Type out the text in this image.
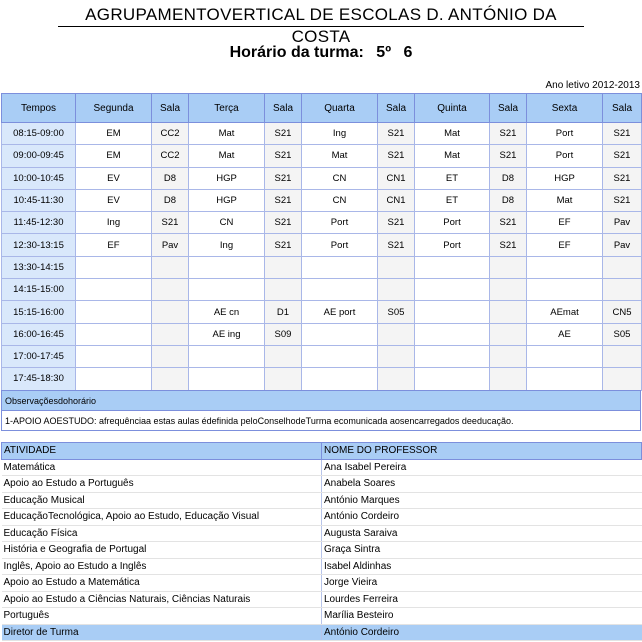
AGRUPAMENTOVERTICAL DE ESCOLAS D. ANTÓNIO DA COSTA
Horário da turma: 5º 6
Ano letivo 2012-2013
Tempos	Segunda	Sala	Terça	Sala	Quarta	Sala	Quinta	Sala	Sexta	Sala
08:15-09:00	EM	CC2	Mat	S21	Ing	S21	Mat	S21	Port	S21
09:00-09:45	EM	CC2	Mat	S21	Mat	S21	Mat	S21	Port	S21
10:00-10:45	EV	D8	HGP	S21	CN	CN1	ET	D8	HGP	S21
10:45-11:30	EV	D8	HGP	S21	CN	CN1	ET	D8	Mat	S21
11:45-12:30	Ing	S21	CN	S21	Port	S21	Port	S21	EF	Pav
12:30-13:15	EF	Pav	Ing	S21	Port	S21	Port	S21	EF	Pav
13:30-14:15										
14:15-15:00										
15:15-16:00			AE cn	D1	AE port	S05			AEmat	CN5
16:00-16:45			AE ing	S09					AE	S05
17:00-17:45										
17:45-18:30										
Observaçõesdohorário
1-APOIO AOESTUDO: afrequênciaa estas aulas édefinida peloConselhodeTurma ecomunicada aosencarregados deeducação.
ATIVIDADE	NOME DO PROFESSOR
Matemática	Ana Isabel Pereira
Apoio ao Estudo a Português	Anabela Soares
Educação Musical	António Marques
EducaçãoTecnológica, Apoio ao Estudo, Educação Visual	António Cordeiro
Educação Física	Augusta Saraiva
História e Geografia de Portugal	Graça Sintra
Inglês, Apoio ao Estudo a Inglês	Isabel Aldinhas
Apoio ao Estudo a Matemática	Jorge Vieira
Apoio ao Estudo a Ciências Naturais, Ciências Naturais	Lourdes Ferreira
Português	Marília Besteiro
Diretor de Turma	António Cordeiro
